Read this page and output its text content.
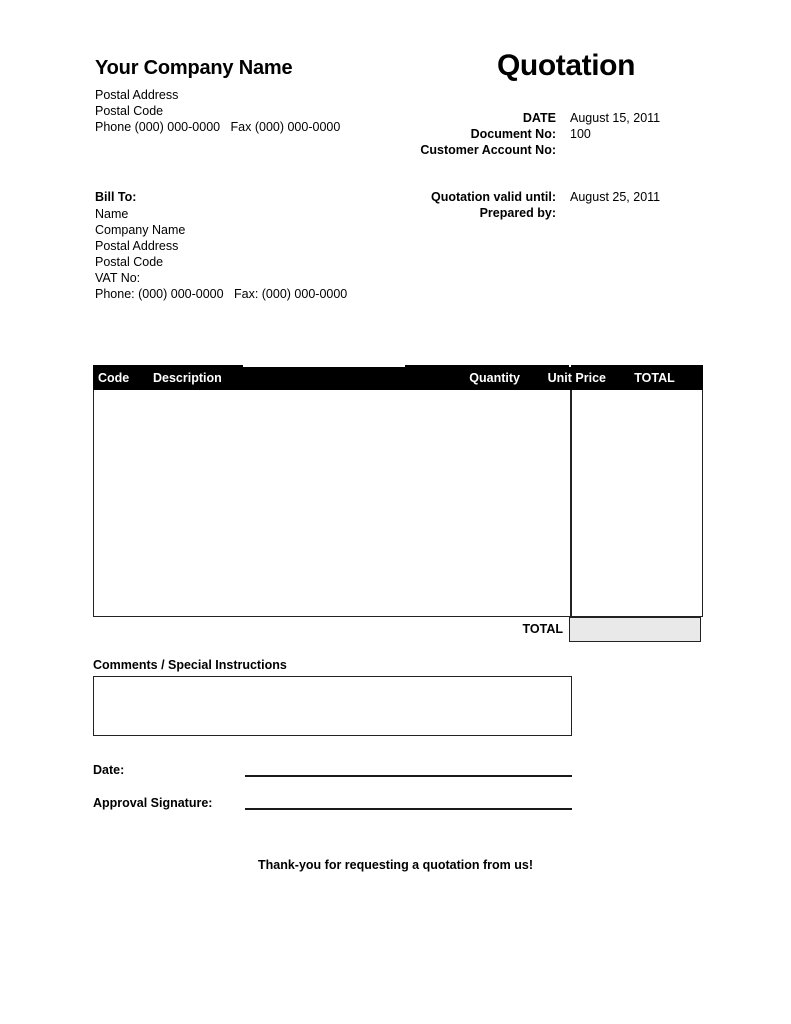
Your Company Name
Postal Address
Postal Code
Phone (000) 000-0000   Fax (000) 000-0000
Quotation
DATE	August 15, 2011
Document No:	100
Customer Account No:
Bill To:
Name
Company Name
Postal Address
Postal Code
VAT No:
Phone: (000) 000-0000   Fax: (000) 000-0000
Quotation valid until:	August 25, 2011
Prepared by:
Code	Description	Quantity	Unit Price	TOTAL
TOTAL
Comments / Special Instructions
Date:
Approval Signature:
Thank-you for requesting a quotation from us!
